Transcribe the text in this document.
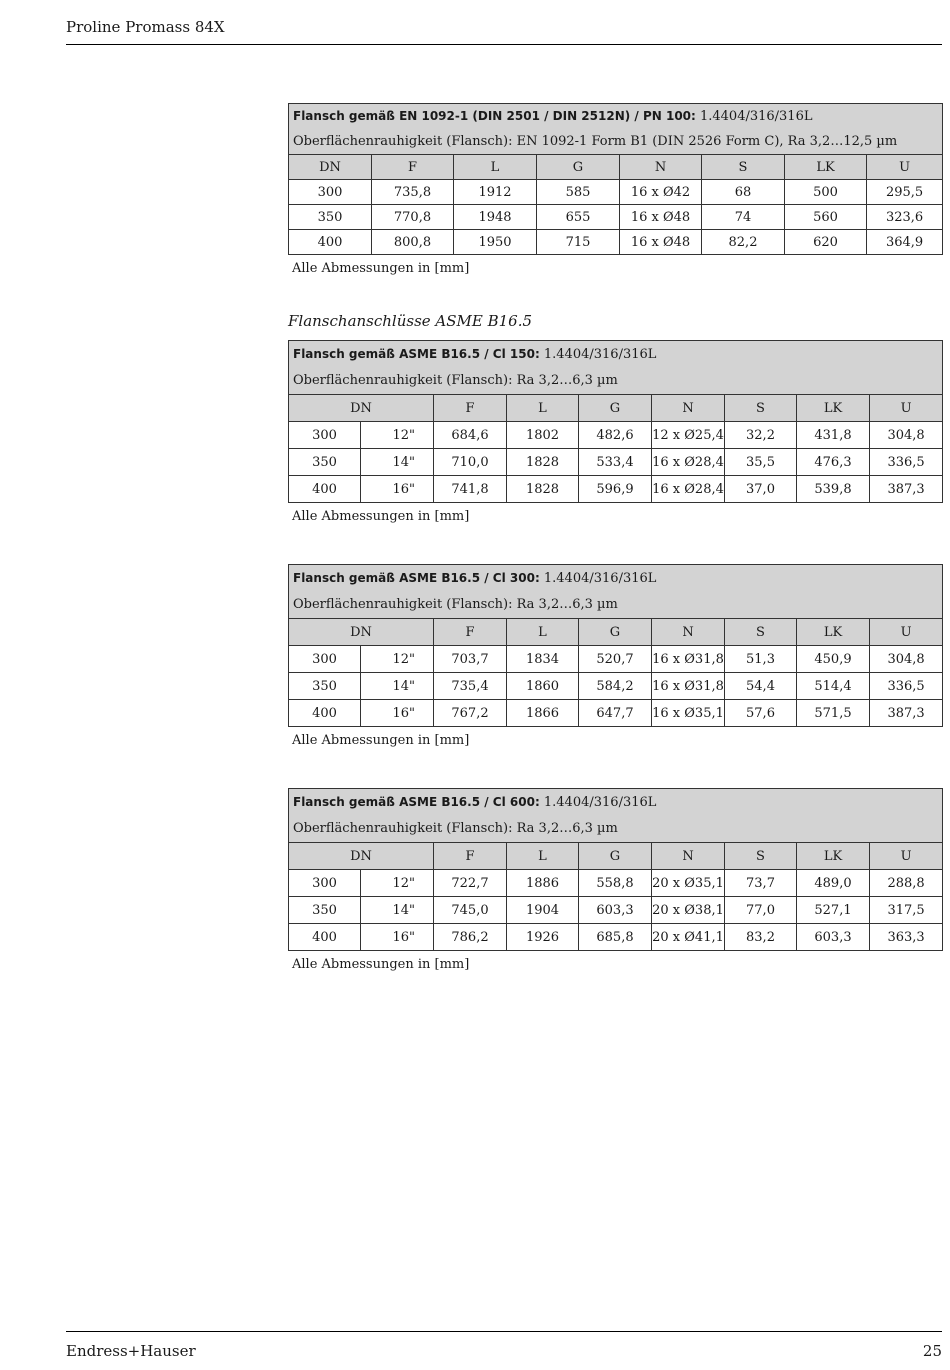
Proline Promass 84X
Flansch gemäß EN 1092-1 (DIN 2501 / DIN 2512N) / PN 100: 1.4404/316/316L							
Oberflächenrauhigkeit (Flansch): EN 1092-1 Form B1 (DIN 2526 Form C), Ra 3,2…12,5 µm							
DN	F	L	G	N	S	LK	U
300	735,8	1912	585	16 x Ø42	68	500	295,5
350	770,8	1948	655	16 x Ø48	74	560	323,6
400	800,8	1950	715	16 x Ø48	82,2	620	364,9
Alle Abmessungen in [mm]
Flanschanschlüsse ASME B16.5
Flansch gemäß ASME B16.5 / Cl 150: 1.4404/316/316L								
Oberflächenrauhigkeit (Flansch): Ra 3,2…6,3 µm								
DN		F	L	G	N	S	LK	U
300	12"	684,6	1802	482,6	12 x Ø25,4	32,2	431,8	304,8
350	14"	710,0	1828	533,4	16 x Ø28,4	35,5	476,3	336,5
400	16"	741,8	1828	596,9	16 x Ø28,4	37,0	539,8	387,3
Alle Abmessungen in [mm]
Flansch gemäß ASME B16.5 / Cl 300: 1.4404/316/316L								
Oberflächenrauhigkeit (Flansch): Ra 3,2…6,3 µm								
DN		F	L	G	N	S	LK	U
300	12"	703,7	1834	520,7	16 x Ø31,8	51,3	450,9	304,8
350	14"	735,4	1860	584,2	16 x Ø31,8	54,4	514,4	336,5
400	16"	767,2	1866	647,7	16 x Ø35,1	57,6	571,5	387,3
Alle Abmessungen in [mm]
Flansch gemäß ASME B16.5 / Cl 600: 1.4404/316/316L								
Oberflächenrauhigkeit (Flansch): Ra 3,2…6,3 µm								
DN		F	L	G	N	S	LK	U
300	12"	722,7	1886	558,8	20 x Ø35,1	73,7	489,0	288,8
350	14"	745,0	1904	603,3	20 x Ø38,1	77,0	527,1	317,5
400	16"	786,2	1926	685,8	20 x Ø41,1	83,2	603,3	363,3
Alle Abmessungen in [mm]
Endress+Hauser	25
